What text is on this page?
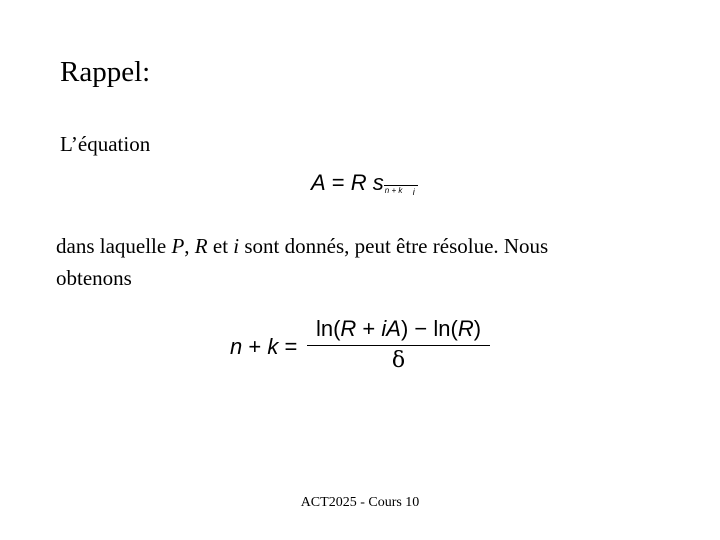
Rappel:
L’équation
A = R s n + k i
dans laquelle P, R et i sont donnés, peut être résolue. Nous
obtenons
n + k =
ln(R + iA) − ln(R)
δ
ACT2025 - Cours 10
